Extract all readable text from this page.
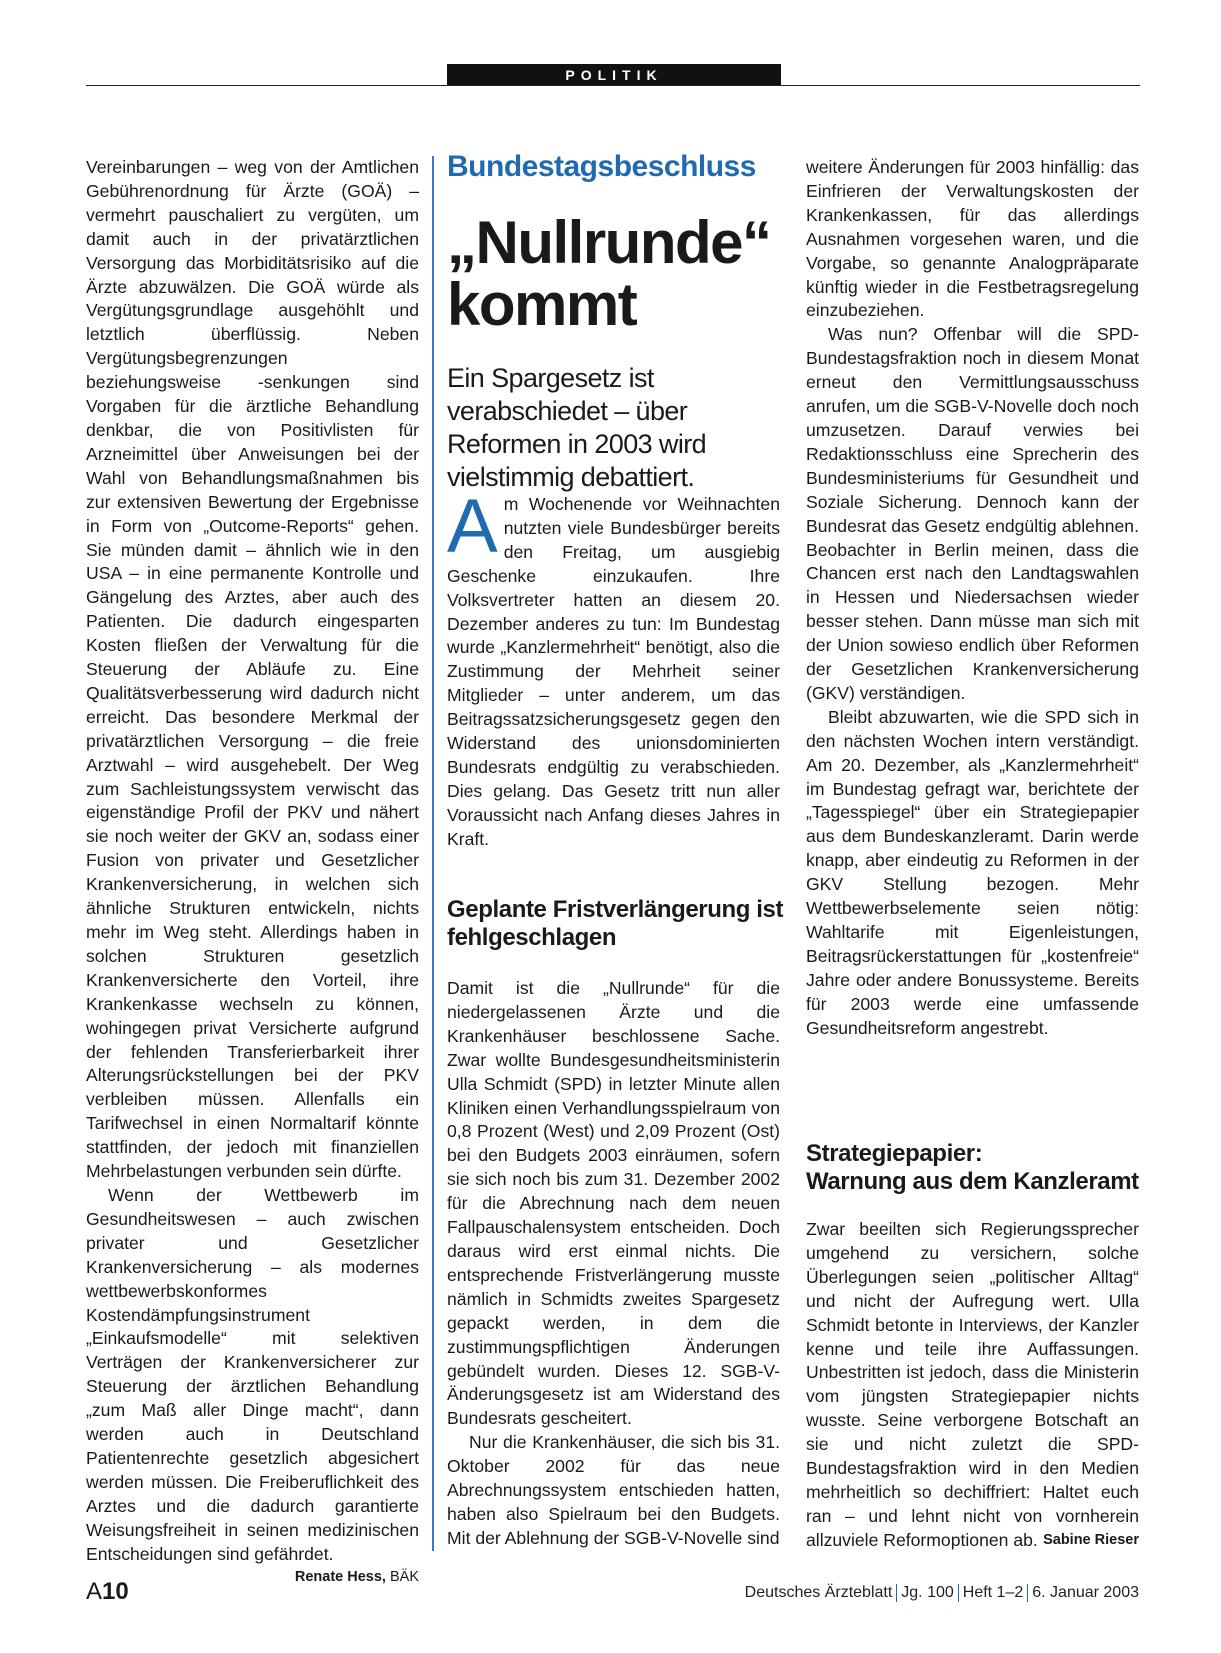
POLITIK

Vereinbarungen – weg von der Amtlichen Gebührenordnung für Ärzte (GOÄ) – vermehrt pauschaliert zu vergüten, um damit auch in der privatärztlichen Versorgung das Morbiditätsrisiko auf die Ärzte abzuwälzen. Die GOÄ würde als Vergütungsgrundlage ausgehöhlt und letztlich überflüssig. Neben Vergütungsbegrenzungen beziehungsweise -senkungen sind Vorgaben für die ärztliche Behandlung denkbar, die von Positivlisten für Arzneimittel über Anweisungen bei der Wahl von Behandlungsmaßnahmen bis zur extensiven Bewertung der Ergebnisse in Form von „Outcome-Reports“ gehen. Sie münden damit – ähnlich wie in den USA – in eine permanente Kontrolle und Gängelung des Arztes, aber auch des Patienten. Die dadurch eingesparten Kosten fließen der Verwaltung für die Steuerung der Abläufe zu. Eine Qualitätsverbesserung wird dadurch nicht erreicht. Das besondere Merkmal der privatärztlichen Versorgung – die freie Arztwahl – wird ausgehebelt. Der Weg zum Sachleistungssystem verwischt das eigenständige Profil der PKV und nähert sie noch weiter der GKV an, sodass einer Fusion von privater und Gesetzlicher Krankenversicherung, in welchen sich ähnliche Strukturen entwickeln, nichts mehr im Weg steht. Allerdings haben in solchen Strukturen gesetzlich Krankenversicherte den Vorteil, ihre Krankenkasse wechseln zu können, wohingegen privat Versicherte aufgrund der fehlenden Transferierbarkeit ihrer Alterungsrückstellungen bei der PKV verbleiben müssen. Allenfalls ein Tarifwechsel in einen Normaltarif könnte stattfinden, der jedoch mit finanziellen Mehrbelastungen verbunden sein dürfte.

Wenn der Wettbewerb im Gesundheitswesen – auch zwischen privater und Gesetzlicher Krankenversicherung – als modernes wettbewerbskonformes Kostendämpfungsinstrument „Einkaufsmodelle“ mit selektiven Verträgen der Krankenversicherer zur Steuerung der ärztlichen Behandlung „zum Maß aller Dinge macht“, dann werden auch in Deutschland Patientenrechte gesetzlich abgesichert werden müssen. Die Freiberuflichkeit des Arztes und die dadurch garantierte Weisungsfreiheit in seinen medizinischen Entscheidungen sind gefährdet.
Renate Hess, BÄK

Bundestagsbeschluss
„Nullrunde“
kommt
Ein Spargesetz ist verabschiedet – über Reformen in 2003 wird vielstimmig debattiert.

Am Wochenende vor Weihnachten nutzten viele Bundesbürger bereits den Freitag, um ausgiebig Geschenke einzukaufen. Ihre Volksvertreter hatten an diesem 20. Dezember anderes zu tun: Im Bundestag wurde „Kanzlermehrheit“ benötigt, also die Zustimmung der Mehrheit seiner Mitglieder – unter anderem, um das Beitragssatzsicherungsgesetz gegen den Widerstand des unionsdominierten Bundesrats endgültig zu verabschieden. Dies gelang. Das Gesetz tritt nun aller Voraussicht nach Anfang dieses Jahres in Kraft.

Geplante Fristverlängerung ist fehlgeschlagen

Damit ist die „Nullrunde“ für die niedergelassenen Ärzte und die Krankenhäuser beschlossene Sache. Zwar wollte Bundesgesundheitsministerin Ulla Schmidt (SPD) in letzter Minute allen Kliniken einen Verhandlungsspielraum von 0,8 Prozent (West) und 2,09 Prozent (Ost) bei den Budgets 2003 einräumen, sofern sie sich noch bis zum 31. Dezember 2002 für die Abrechnung nach dem neuen Fallpauschalensystem entscheiden. Doch daraus wird erst einmal nichts. Die entsprechende Fristverlängerung musste nämlich in Schmidts zweites Spargesetz gepackt werden, in dem die zustimmungspflichtigen Änderungen gebündelt wurden. Dieses 12. SGB-V-Änderungsgesetz ist am Widerstand des Bundesrats gescheitert.

Nur die Krankenhäuser, die sich bis 31. Oktober 2002 für das neue Abrechnungssystem entschieden hatten, haben also Spielraum bei den Budgets. Mit der Ablehnung der SGB-V-Novelle sind

weitere Änderungen für 2003 hinfällig: das Einfrieren der Verwaltungskosten der Krankenkassen, für das allerdings Ausnahmen vorgesehen waren, und die Vorgabe, so genannte Analogpräparate künftig wieder in die Festbetragsregelung einzubeziehen.

Was nun? Offenbar will die SPD-Bundestagsfraktion noch in diesem Monat erneut den Vermittlungsausschuss anrufen, um die SGB-V-Novelle doch noch umzusetzen. Darauf verwies bei Redaktionsschluss eine Sprecherin des Bundesministeriums für Gesundheit und Soziale Sicherung. Dennoch kann der Bundesrat das Gesetz endgültig ablehnen. Beobachter in Berlin meinen, dass die Chancen erst nach den Landtagswahlen in Hessen und Niedersachsen wieder besser stehen. Dann müsse man sich mit der Union sowieso endlich über Reformen der Gesetzlichen Krankenversicherung (GKV) verständigen.

Bleibt abzuwarten, wie die SPD sich in den nächsten Wochen intern verständigt. Am 20. Dezember, als „Kanzlermehrheit“ im Bundestag gefragt war, berichtete der „Tagesspiegel“ über ein Strategiepapier aus dem Bundeskanzleramt. Darin werde knapp, aber eindeutig zu Reformen in der GKV Stellung bezogen. Mehr Wettbewerbselemente seien nötig: Wahltarife mit Eigenleistungen, Beitragsrückerstattungen für „kostenfreie“ Jahre oder andere Bonussysteme. Bereits für 2003 werde eine umfassende Gesundheitsreform angestrebt.

Strategiepapier:

Warnung aus dem Kanzleramt

Zwar beeilten sich Regierungssprecher umgehend zu versichern, solche Überlegungen seien „politischer Alltag“ und nicht der Aufregung wert. Ulla Schmidt betonte in Interviews, der Kanzler kenne und teile ihre Auffassungen. Unbestritten ist jedoch, dass die Ministerin vom jüngsten Strategiepapier nichts wusste. Seine verborgene Botschaft an sie und nicht zuletzt die SPD-Bundestagsfraktion wird in den Medien mehrheitlich so dechiffriert: Haltet euch ran – und lehnt nicht von vornherein allzuviele Reformoptionen ab. Sabine Rieser

A10	Deutsches Ärzteblatt Jg. 100 Heft 1–2 6. Januar 2003
